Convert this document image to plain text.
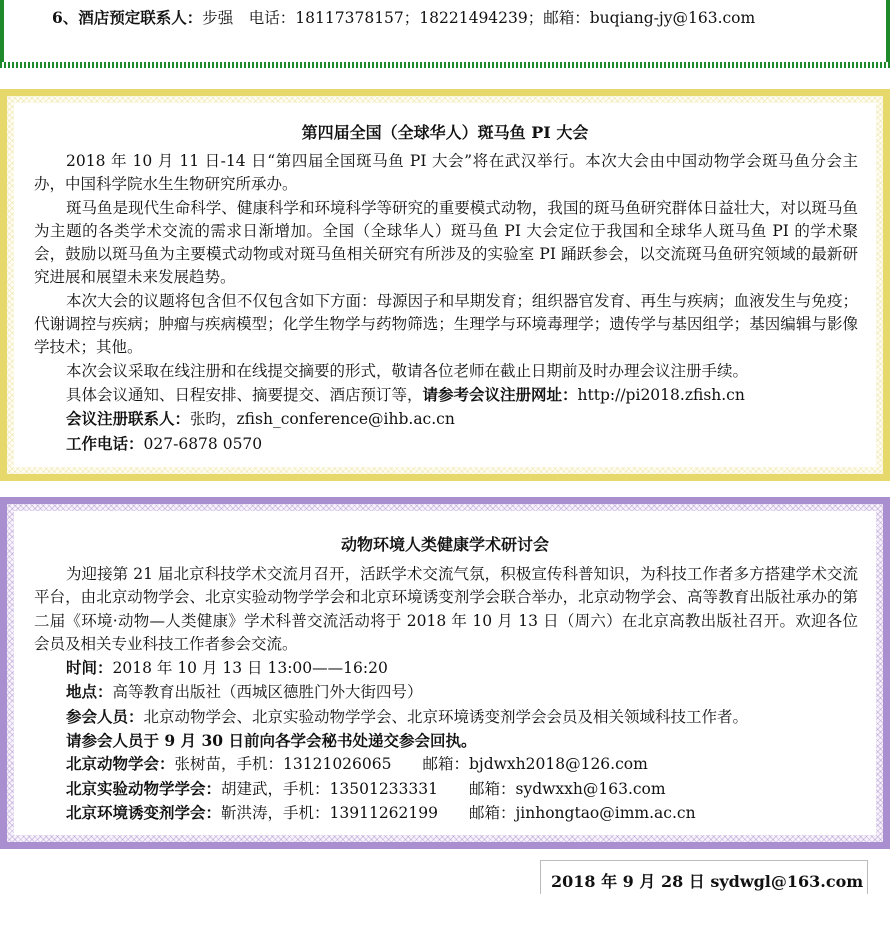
6、酒店预定联系人：步强　电话：18117378157；18221494239；邮箱：buqiang-jy@163.com
第四届全国（全球华人）斑马鱼 PI 大会

2018 年 10 月 11 日-14 日“第四届全国斑马鱼 PI 大会”将在武汉举行。本次大会由中国动物学会斑马鱼分会主办，中国科学院水生生物研究所承办。

斑马鱼是现代生命科学、健康科学和环境科学等研究的重要模式动物，我国的斑马鱼研究群体日益壮大，对以斑马鱼为主题的各类学术交流的需求日渐增加。全国（全球华人）斑马鱼 PI 大会定位于我国和全球华人斑马鱼 PI 的学术聚会，鼓励以斑马鱼为主要模式动物或对斑马鱼相关研究有所涉及的实验室 PI 踊跃参会，以交流斑马鱼研究领域的最新研究进展和展望未来发展趋势。

本次大会的议题将包含但不仅包含如下方面：母源因子和早期发育；组织器官发育、再生与疾病；血液发生与免疫；代谢调控与疾病；肿瘤与疾病模型；化学生物学与药物筛选；生理学与环境毒理学；遗传学与基因组学；基因编辑与影像学技术；其他。

本次会议采取在线注册和在线提交摘要的形式，敬请各位老师在截止日期前及时办理会议注册手续。

具体会议通知、日程安排、摘要提交、酒店预订等，请参考会议注册网址：http://pi2018.zfish.cn

会议注册联系人：张昀，zfish_conference@ihb.ac.cn

工作电话：027-6878 0570

动物环境人类健康学术研讨会

为迎接第 21 届北京科技学术交流月召开，活跃学术交流气氛，积极宣传科普知识，为科技工作者多方搭建学术交流平台，由北京动物学会、北京实验动物学学会和北京环境诱变剂学会联合举办，北京动物学会、高等教育出版社承办的第二届《环境·动物—人类健康》学术科普交流活动将于 2018 年 10 月 13 日（周六）在北京高教出版社召开。欢迎各位会员及相关专业科技工作者参会交流。

时间：2018 年 10 月 13 日 13:00——16:20

地点：高等教育出版社（西城区德胜门外大街四号）

参会人员：北京动物学会、北京实验动物学学会、北京环境诱变剂学会会员及相关领域科技工作者。

请参会人员于 9 月 30 日前向各学会秘书处递交参会回执。

北京动物学会：张树苗，手机：13121026065　　邮箱：bjdwxh2018@126.com

北京实验动物学学会：胡建武，手机：13501233331　　邮箱：sydwxxh@163.com

北京环境诱变剂学会：靳洪涛，手机：13911262199　　邮箱：jinhongtao@imm.ac.cn

2018 年 9 月 28 日 sydwgl@163.com
